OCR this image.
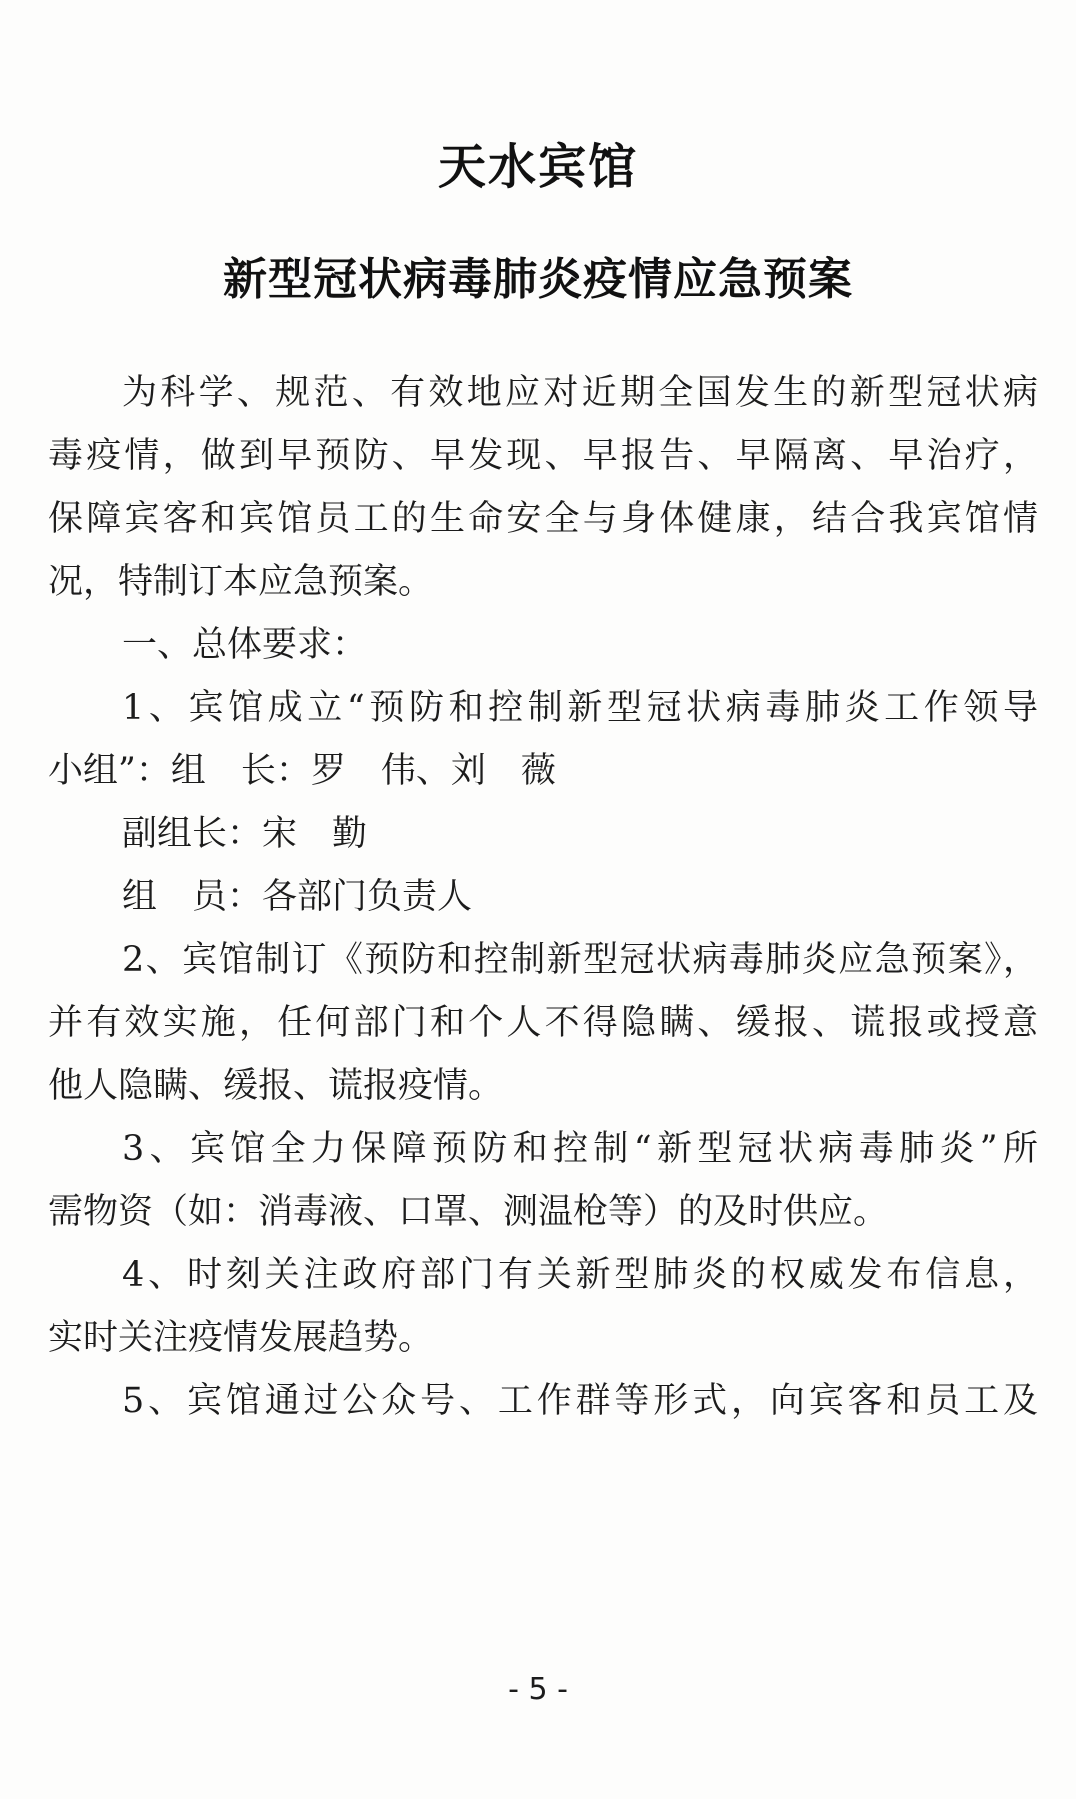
天水宾馆
新型冠状病毒肺炎疫情应急预案
为科学、规范、有效地应对近期全国发生的新型冠状病
毒疫情，做到早预防、早发现、早报告、早隔离、早治疗，
保障宾客和宾馆员工的生命安全与身体健康，结合我宾馆情
况，特制订本应急预案。
一、总体要求：
1、宾馆成立“预防和控制新型冠状病毒肺炎工作领导
小组”：组　长：罗　伟、刘　薇
副组长：宋　勤
组　员：各部门负责人
2、宾馆制订《预防和控制新型冠状病毒肺炎应急预案》，
并有效实施，任何部门和个人不得隐瞒、缓报、谎报或授意
他人隐瞒、缓报、谎报疫情。
3、宾馆全力保障预防和控制“新型冠状病毒肺炎”所
需物资（如：消毒液、口罩、测温枪等）的及时供应。
4、时刻关注政府部门有关新型肺炎的权威发布信息，
实时关注疫情发展趋势。
5、宾馆通过公众号、工作群等形式，向宾客和员工及
- 5 -
